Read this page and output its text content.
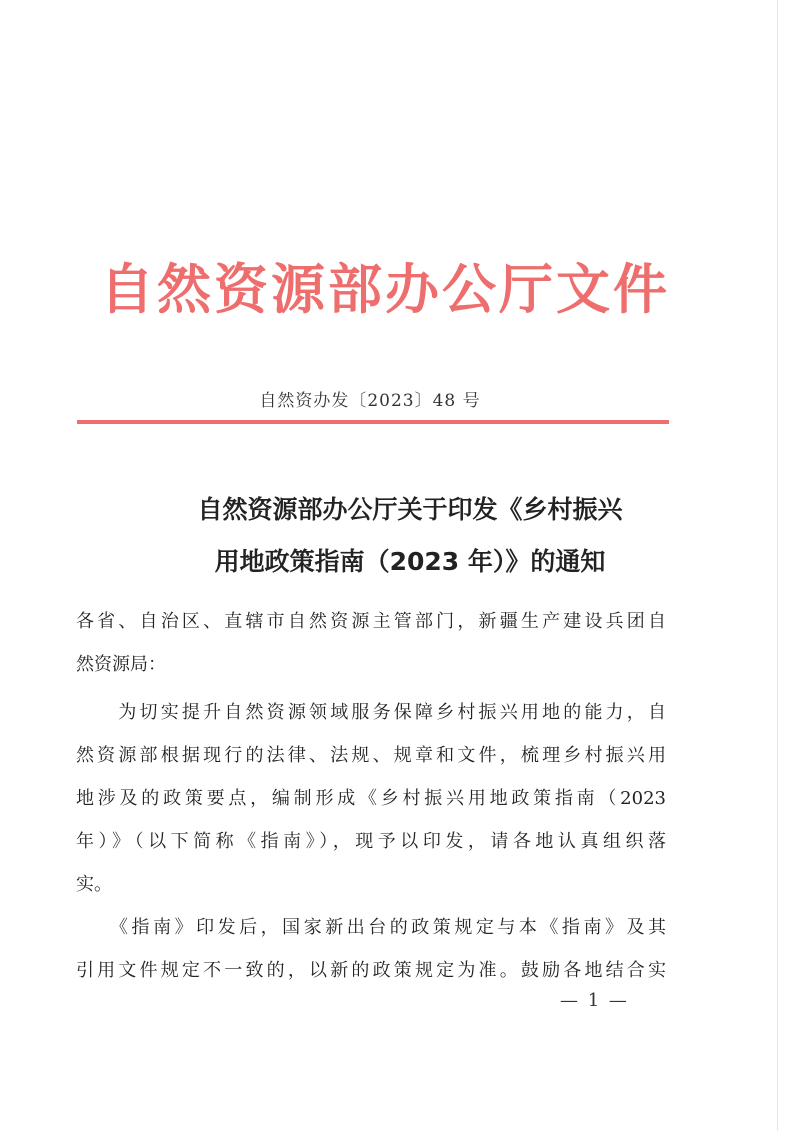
自然资源部办公厅文件
自然资办发〔2023〕48 号
自然资源部办公厅关于印发《乡村振兴
用地政策指南（2023 年）》的通知
各省、自治区、直辖市自然资源主管部门，新疆生产建设兵团自
然资源局：
　　为切实提升自然资源领域服务保障乡村振兴用地的能力，自
然资源部根据现行的法律、法规、规章和文件，梳理乡村振兴用
地涉及的政策要点，编制形成《乡村振兴用地政策指南（2023
年）》（以下简称《指南》），现予以印发，请各地认真组织落
实。
　　《指南》印发后，国家新出台的政策规定与本《指南》及其
引用文件规定不一致的，以新的政策规定为准。鼓励各地结合实
— 1 —
